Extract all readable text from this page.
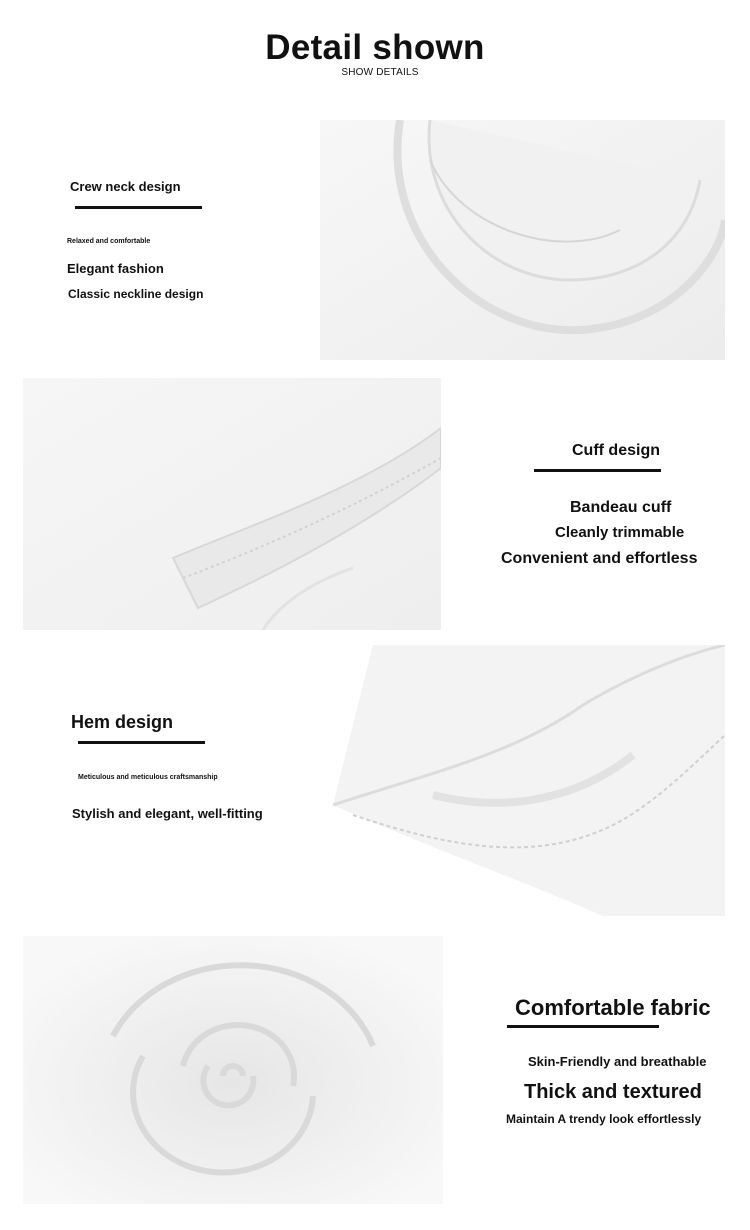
Detail shown
SHOW DETAILS
Crew neck design
Relaxed and comfortable
Elegant fashion
Classic neckline design
Cuff design
Bandeau cuff
Cleanly trimmable
Convenient and effortless
Hem design
Meticulous and meticulous craftsmanship
Stylish and elegant, well-fitting
Comfortable fabric
Skin-Friendly and breathable
Thick and textured
Maintain A trendy look effortlessly
